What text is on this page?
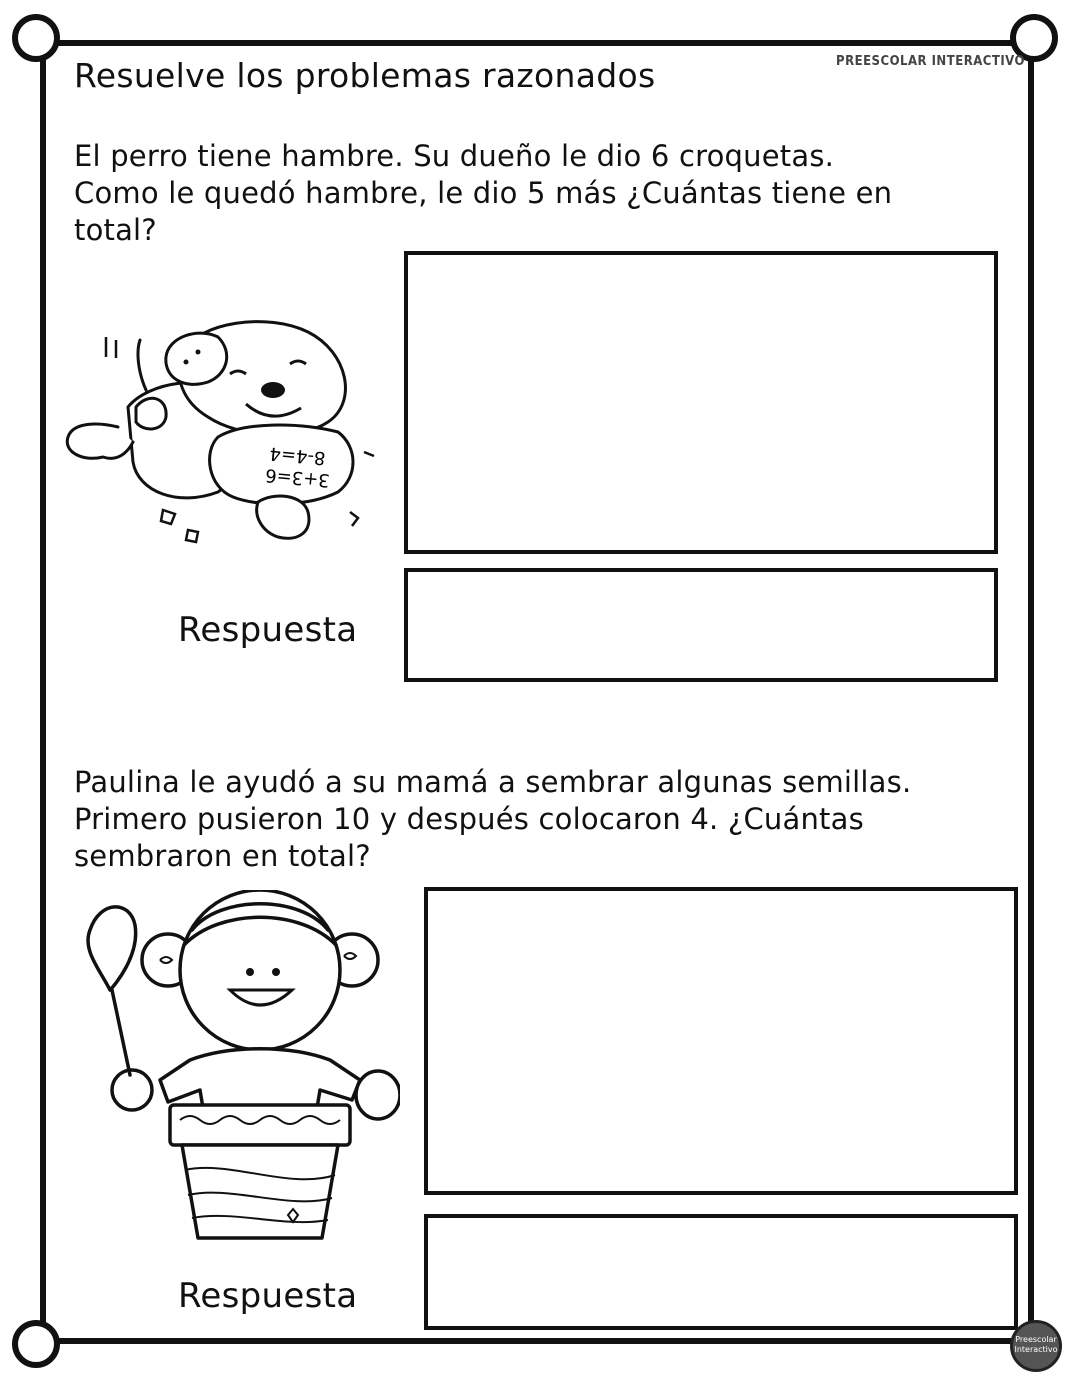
PREESCOLAR INTERACTIVO
Resuelve los problemas razonados
El perro tiene hambre. Su dueño le dio 6 croquetas.
Como le quedó hambre, le dio 5 más ¿Cuántas tiene en
total?
3+3=6
8-4=4
Respuesta
Paulina le ayudó a su mamá a sembrar algunas semillas.
Primero pusieron 10 y después colocaron 4. ¿Cuántas
sembraron en total?
Respuesta
Preescolar Interactivo
